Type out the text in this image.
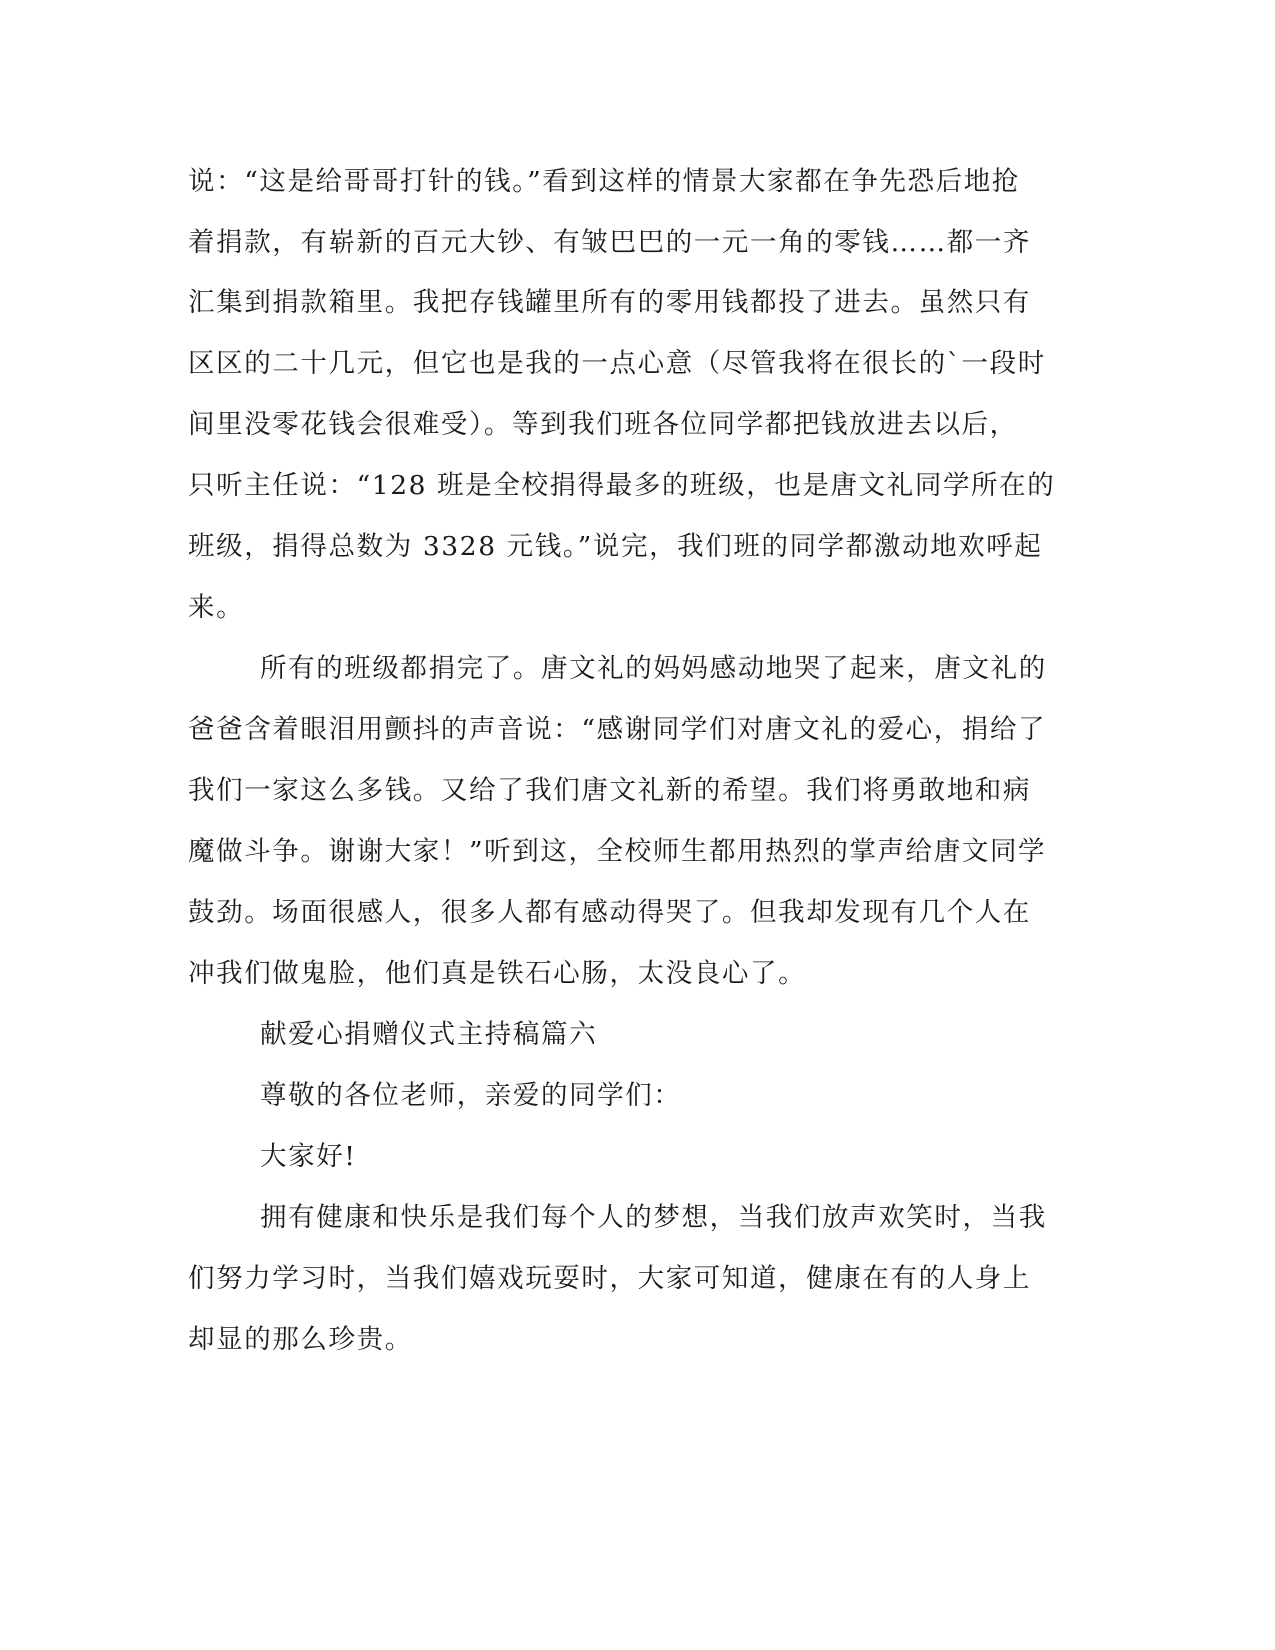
说：“这是给哥哥打针的钱。”看到这样的情景大家都在争先恐后地抢
着捐款，有崭新的百元大钞、有皱巴巴的一元一角的零钱……都一齐
汇集到捐款箱里。我把存钱罐里所有的零用钱都投了进去。虽然只有
区区的二十几元，但它也是我的一点心意（尽管我将在很长的`一段时
间里没零花钱会很难受）。等到我们班各位同学都把钱放进去以后，
只听主任说：“128 班是全校捐得最多的班级，也是唐文礼同学所在的
班级，捐得总数为 3328 元钱。”说完，我们班的同学都激动地欢呼起
来。
所有的班级都捐完了。唐文礼的妈妈感动地哭了起来，唐文礼的
爸爸含着眼泪用颤抖的声音说：“感谢同学们对唐文礼的爱心，捐给了
我们一家这么多钱。又给了我们唐文礼新的希望。我们将勇敢地和病
魔做斗争。谢谢大家！”听到这，全校师生都用热烈的掌声给唐文同学
鼓劲。场面很感人，很多人都有感动得哭了。但我却发现有几个人在
冲我们做鬼脸，他们真是铁石心肠，太没良心了。
献爱心捐赠仪式主持稿篇六
尊敬的各位老师，亲爱的同学们：
大家好!
拥有健康和快乐是我们每个人的梦想，当我们放声欢笑时，当我
们努力学习时，当我们嬉戏玩耍时，大家可知道，健康在有的人身上
却显的那么珍贵。
